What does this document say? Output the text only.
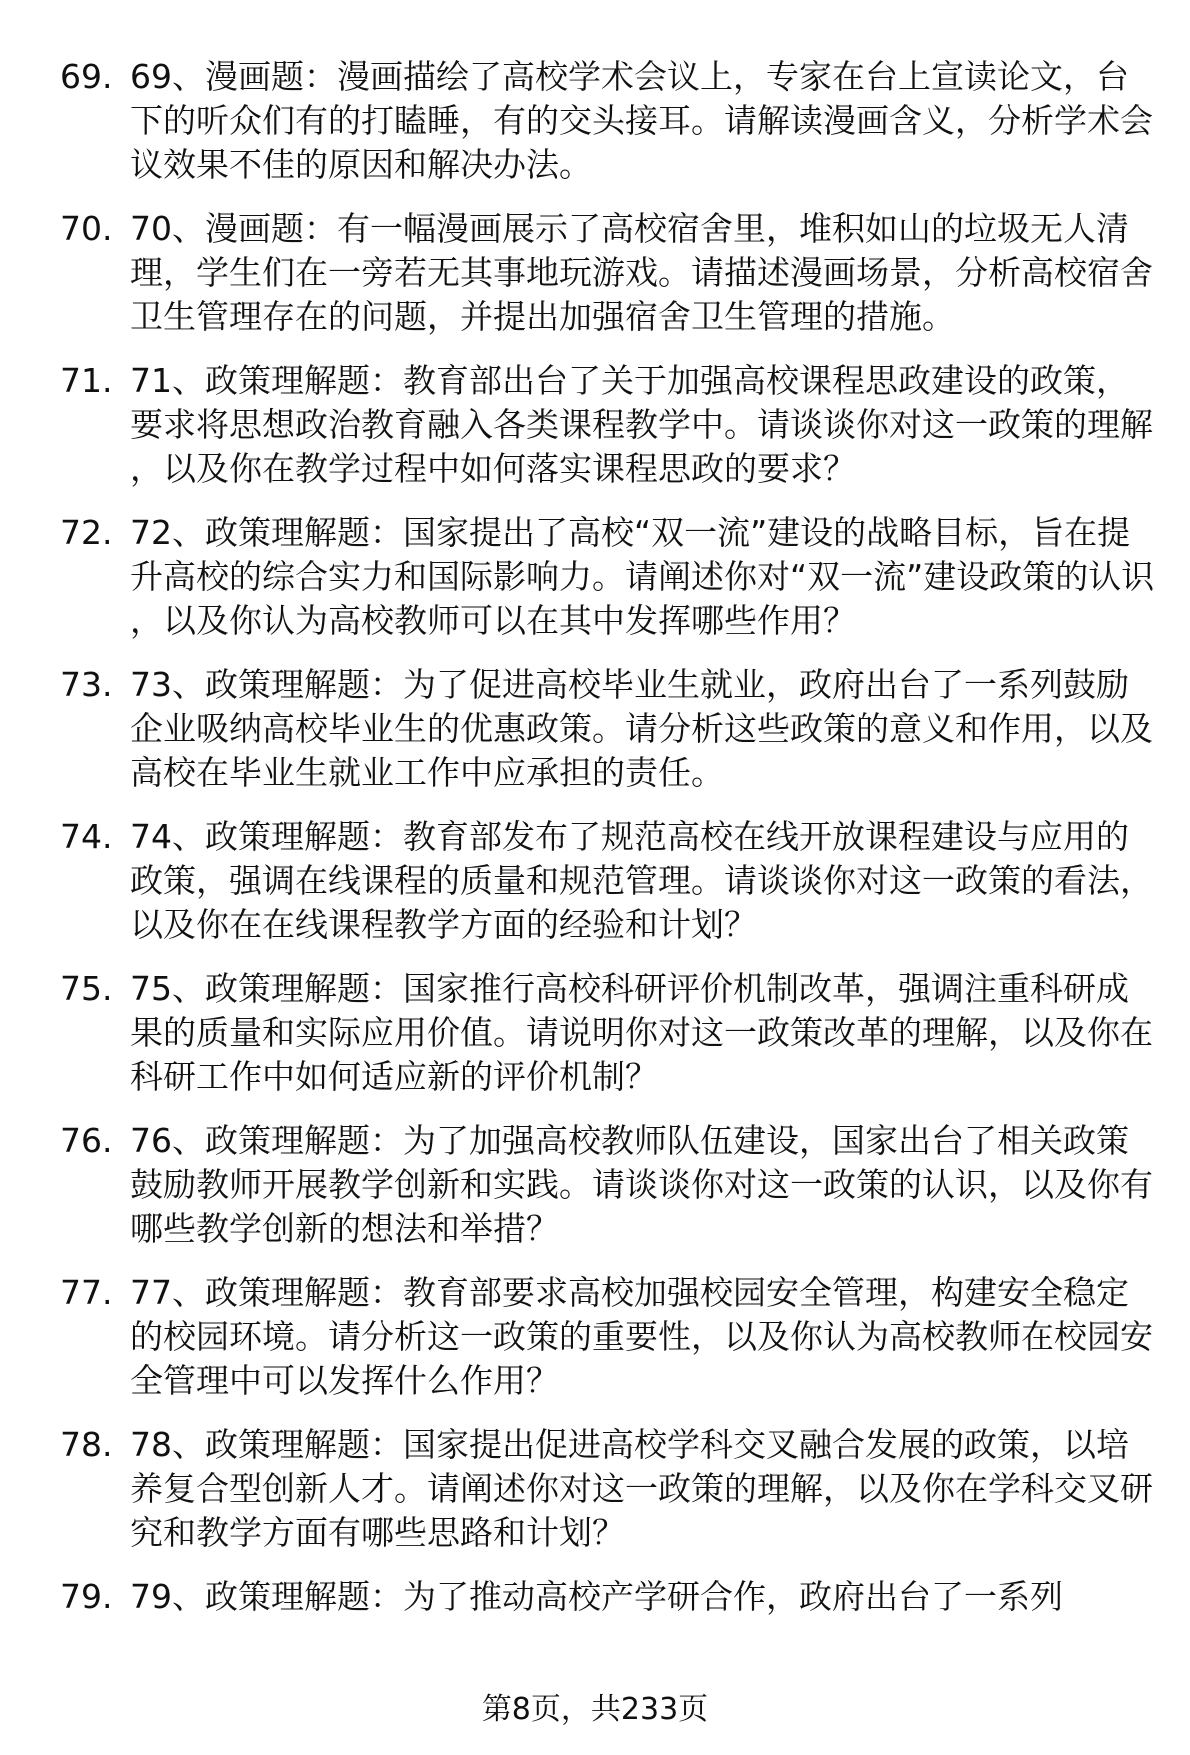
69. 69、漫画题：漫画描绘了高校学术会议上，专家在台上宣读论文，台下的听众们有的打瞌睡，有的交头接耳。请解读漫画含义，分析学术会议效果不佳的原因和解决办法。
70. 70、漫画题：有一幅漫画展示了高校宿舍里，堆积如山的垃圾无人清理，学生们在一旁若无其事地玩游戏。请描述漫画场景，分析高校宿舍卫生管理存在的问题，并提出加强宿舍卫生管理的措施。
71. 71、政策理解题：教育部出台了关于加强高校课程思政建设的政策，要求将思想政治教育融入各类课程教学中。请谈谈你对这一政策的理解，以及你在教学过程中如何落实课程思政的要求？
72. 72、政策理解题：国家提出了高校“双一流”建设的战略目标，旨在提升高校的综合实力和国际影响力。请阐述你对“双一流”建设政策的认识，以及你认为高校教师可以在其中发挥哪些作用？
73. 73、政策理解题：为了促进高校毕业生就业，政府出台了一系列鼓励企业吸纳高校毕业生的优惠政策。请分析这些政策的意义和作用，以及高校在毕业生就业工作中应承担的责任。
74. 74、政策理解题：教育部发布了规范高校在线开放课程建设与应用的政策，强调在线课程的质量和规范管理。请谈谈你对这一政策的看法，以及你在在线课程教学方面的经验和计划？
75. 75、政策理解题：国家推行高校科研评价机制改革，强调注重科研成果的质量和实际应用价值。请说明你对这一政策改革的理解，以及你在科研工作中如何适应新的评价机制？
76. 76、政策理解题：为了加强高校教师队伍建设，国家出台了相关政策鼓励教师开展教学创新和实践。请谈谈你对这一政策的认识，以及你有哪些教学创新的想法和举措？
77. 77、政策理解题：教育部要求高校加强校园安全管理，构建安全稳定的校园环境。请分析这一政策的重要性，以及你认为高校教师在校园安全管理中可以发挥什么作用？
78. 78、政策理解题：国家提出促进高校学科交叉融合发展的政策，以培养复合型创新人才。请阐述你对这一政策的理解，以及你在学科交叉研究和教学方面有哪些思路和计划？
79. 79、政策理解题：为了推动高校产学研合作，政府出台了一系列
第8页，共233页
